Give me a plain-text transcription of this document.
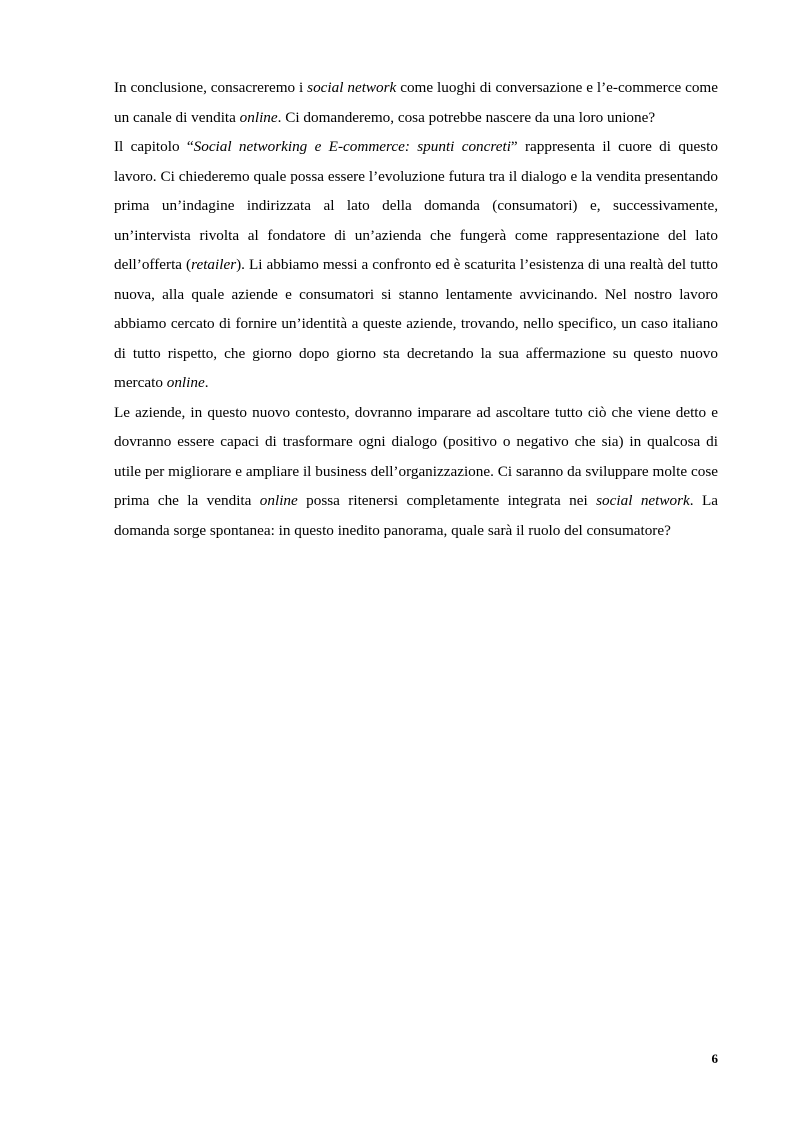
In conclusione, consacreremo i social network come luoghi di conversazione e l’e-commerce come un canale di vendita online. Ci domanderemo, cosa potrebbe nascere da una loro unione?

Il capitolo “Social networking e E-commerce: spunti concreti” rappresenta il cuore di questo lavoro. Ci chiederemo quale possa essere l’evoluzione futura tra il dialogo e la vendita presentando prima un’indagine indirizzata al lato della domanda (consumatori) e, successivamente, un’intervista rivolta al fondatore di un’azienda che fungerà come rappresentazione del lato dell’offerta (retailer). Li abbiamo messi a confronto ed è scaturita l’esistenza di una realtà del tutto nuova, alla quale aziende e consumatori si stanno lentamente avvicinando. Nel nostro lavoro abbiamo cercato di fornire un’identità a queste aziende, trovando, nello specifico, un caso italiano di tutto rispetto, che giorno dopo giorno sta decretando la sua affermazione su questo nuovo mercato online.

Le aziende, in questo nuovo contesto, dovranno imparare ad ascoltare tutto ciò che viene detto e dovranno essere capaci di trasformare ogni dialogo (positivo o negativo che sia) in qualcosa di utile per migliorare e ampliare il business dell’organizzazione. Ci saranno da sviluppare molte cose prima che la vendita online possa ritenersi completamente integrata nei social network. La domanda sorge spontanea: in questo inedito panorama, quale sarà il ruolo del consumatore?

6
